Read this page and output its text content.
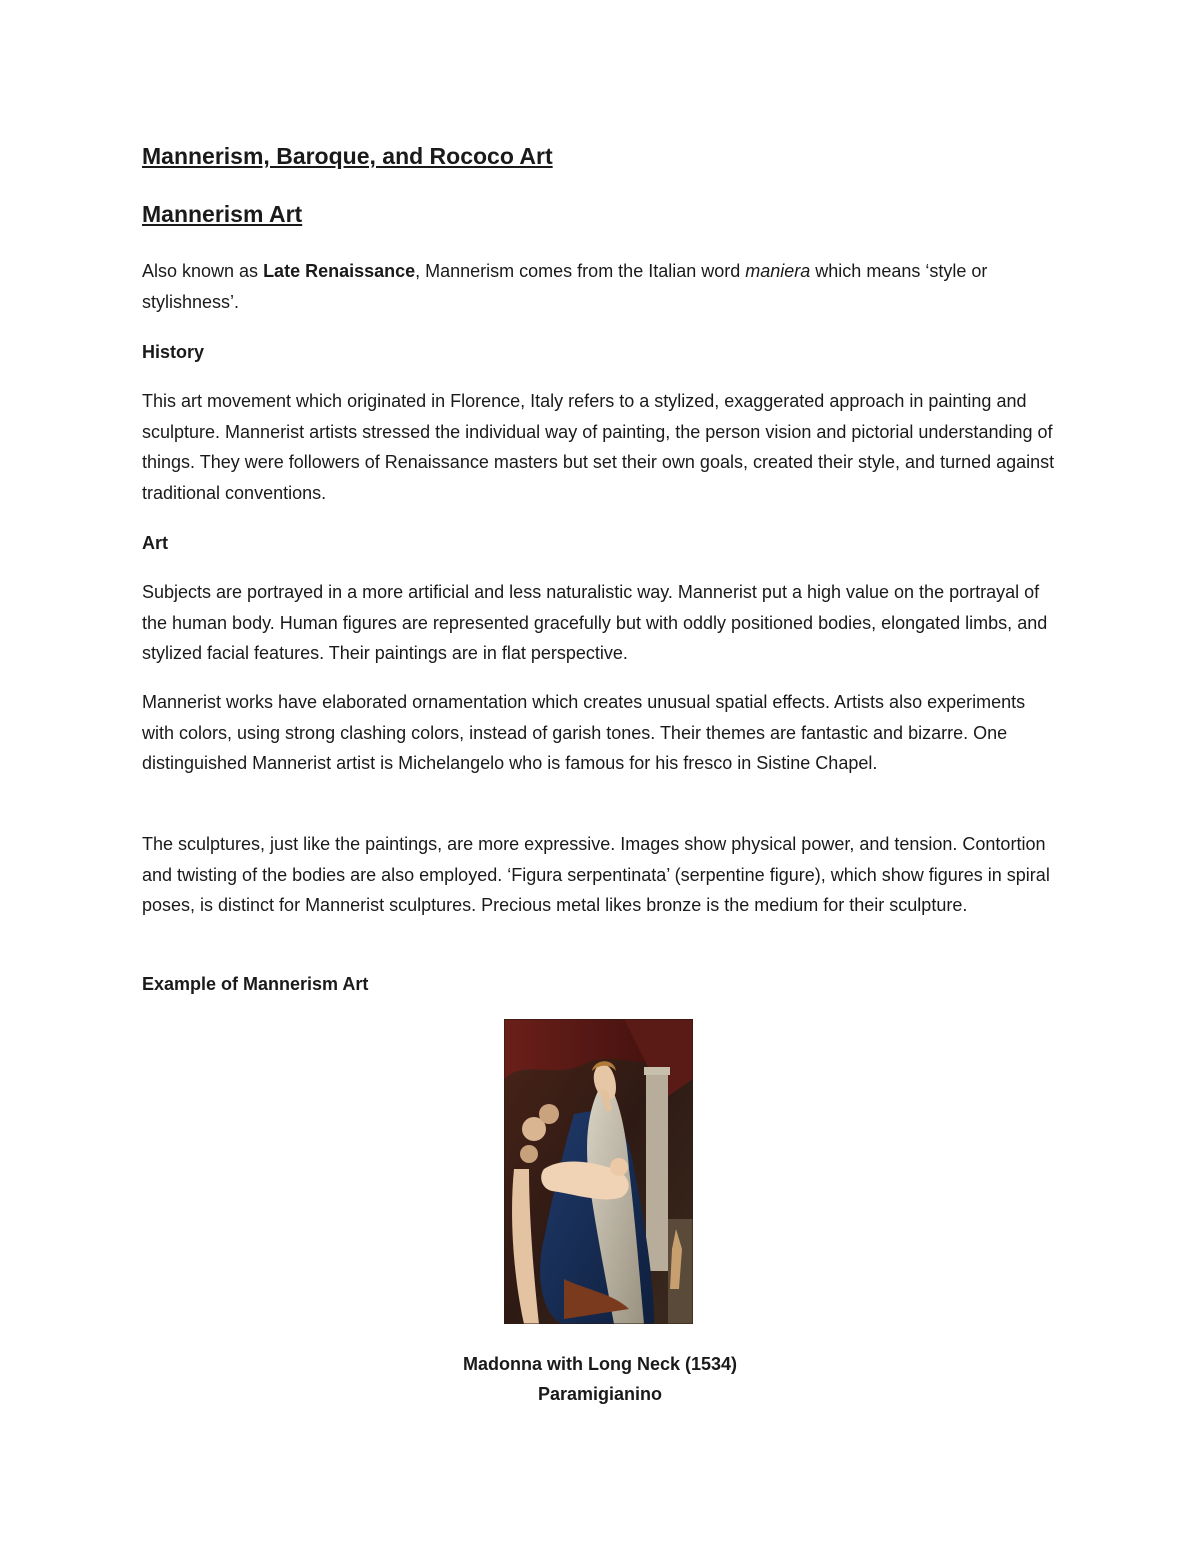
Mannerism, Baroque, and Rococo Art
Mannerism Art

Also known as Late Renaissance, Mannerism comes from the Italian word maniera which means ‘style or stylishness’.

History

This art movement which originated in Florence, Italy refers to a stylized, exaggerated approach in painting and sculpture. Mannerist artists stressed the individual way of painting, the person vision and pictorial understanding of things. They were followers of Renaissance masters but set their own goals, created their style, and turned against traditional conventions.

Art

Subjects are portrayed in a more artificial and less naturalistic way. Mannerist put a high value on the portrayal of the human body. Human figures are represented gracefully but with oddly positioned bodies, elongated limbs, and stylized facial features. Their paintings are in flat perspective.

Mannerist works have elaborated ornamentation which creates unusual spatial effects. Artists also experiments with colors, using strong clashing colors, instead of garish tones. Their themes are fantastic and bizarre. One distinguished Mannerist artist is Michelangelo who is famous for his fresco in Sistine Chapel.

The sculptures, just like the paintings, are more expressive. Images show physical power, and tension. Contortion and twisting of the bodies are also employed. ‘Figura serpentinata’ (serpentine figure), which show figures in spiral poses, is distinct for Mannerist sculptures. Precious metal likes bronze is the medium for their sculpture.

Example of Mannerism Art

Madonna with Long Neck (1534)

Paramigianino
